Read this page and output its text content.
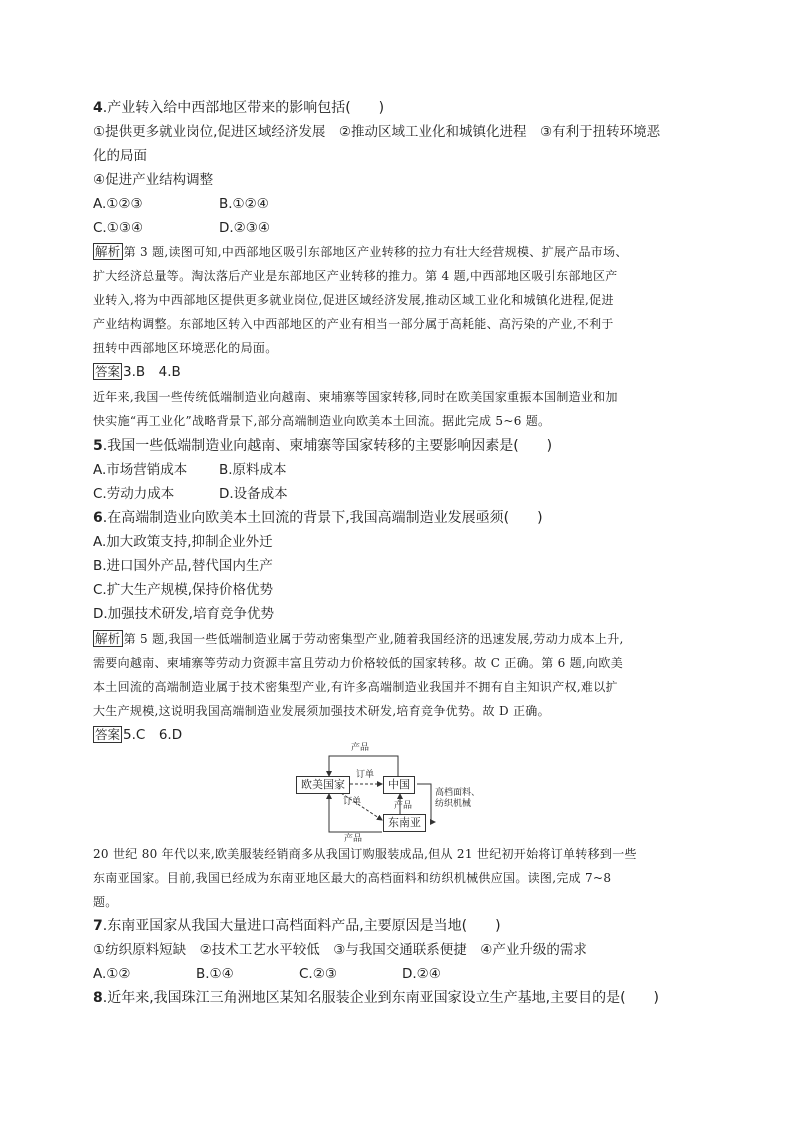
4.产业转入给中西部地区带来的影响包括(　　)
①提供更多就业岗位,促进区域经济发展　②推动区域工业化和城镇化进程　③有利于扭转环境恶
化的局面
④促进产业结构调整
A.①②③	B.①②④
C.①③④	D.②③④
解析 第 3 题,读图可知,中西部地区吸引东部地区产业转移的拉力有壮大经营规模、扩展产品市场、
扩大经济总量等。淘汰落后产业是东部地区产业转移的推力。第 4 题,中西部地区吸引东部地区产
业转入,将为中西部地区提供更多就业岗位,促进区域经济发展,推动区域工业化和城镇化进程,促进
产业结构调整。东部地区转入中西部地区的产业有相当一部分属于高耗能、高污染的产业,不利于
扭转中西部地区环境恶化的局面。
答案 3.B　4.B
近年来,我国一些传统低端制造业向越南、柬埔寨等国家转移,同时在欧美国家重振本国制造业和加
快实施“再工业化”战略背景下,部分高端制造业向欧美本土回流。据此完成 5~6 题。
5.我国一些低端制造业向越南、柬埔寨等国家转移的主要影响因素是(　　)
A.市场营销成本 B.原料成本
C.劳动力成本	D.设备成本
6.在高端制造业向欧美本土回流的背景下,我国高端制造业发展亟须(　　)
A.加大政策支持,抑制企业外迁
B.进口国外产品,替代国内生产
C.扩大生产规模,保持价格优势
D.加强技术研发,培育竞争优势
解析 第 5 题,我国一些低端制造业属于劳动密集型产业,随着我国经济的迅速发展,劳动力成本上升,
需要向越南、柬埔寨等劳动力资源丰富且劳动力价格较低的国家转移。故 C 正确。第 6 题,向欧美
本土回流的高端制造业属于技术密集型产业,有许多高端制造业我国并不拥有自主知识产权,难以扩
大生产规模,这说明我国高端制造业发展须加强技术研发,培育竞争优势。故 D 正确。
答案 5.C　6.D
欧美国家	中国
东南亚
产品
订单
订单	产品
产品
高档面料、
纺织机械
20 世纪 80 年代以来,欧美服装经销商多从我国订购服装成品,但从 21 世纪初开始将订单转移到一些
东南亚国家。目前,我国已经成为东南亚地区最大的高档面料和纺织机械供应国。读图,完成 7~8
题。
7.东南亚国家从我国大量进口高档面料产品,主要原因是当地(　　)
①纺织原料短缺　②技术工艺水平较低　③与我国交通联系便捷　④产业升级的需求
A.①②	B.①④	C.②③	D.②④
8.近年来,我国珠江三角洲地区某知名服装企业到东南亚国家设立生产基地,主要目的是(　　)
